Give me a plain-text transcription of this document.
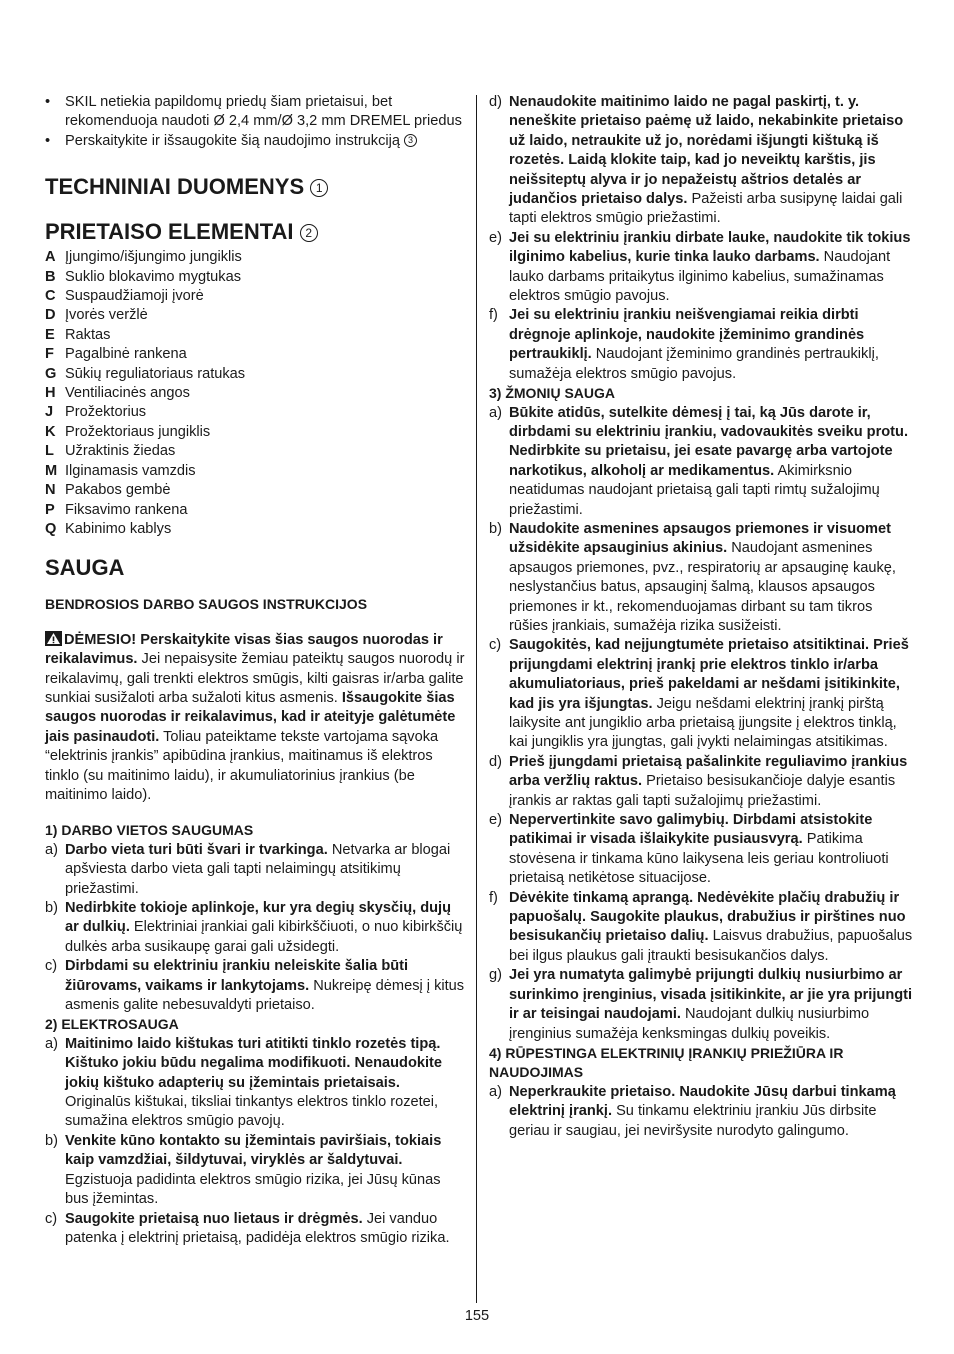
• SKIL netiekia papildomų priedų šiam prietaisui, bet rekomenduoja naudoti Ø 2,4 mm/Ø 3,2 mm DREMEL priedus
• Perskaitykite ir išsaugokite šią naudojimo instrukciją 3
TECHNINIAI DUOMENYS 1
PRIETAISO ELEMENTAI 2
A Įjungimo/išjungimo jungiklis
B Suklio blokavimo mygtukas
C Suspaudžiamoji įvorė
D Įvorės veržlė
E Raktas
F Pagalbinė rankena
G Sūkių reguliatoriaus ratukas
H Ventiliacinės angos
J Prožektorius
K Prožektoriaus jungiklis
L Užraktinis žiedas
M Ilginamasis vamzdis
N Pakabos gembė
P Fiksavimo rankena
Q Kabinimo kablys
SAUGA
BENDROSIOS DARBO SAUGOS INSTRUKCIJOS
DĖMESIO! Perskaitykite visas šias saugos nuorodas ir reikalavimus. Jei nepaisysite žemiau pateiktų saugos nuorodų ir reikalavimų, gali trenkti elektros smūgis, kilti gaisras ir/arba galite sunkiai susižaloti arba sužaloti kitus asmenis. Išsaugokite šias saugos nuorodas ir reikalavimus, kad ir ateityje galėtumėte jais pasinaudoti. Toliau pateiktame tekste vartojama sąvoka “elektrinis įrankis” apibūdina įrankius, maitinamus iš elektros tinklo (su maitinimo laidu), ir akumuliatorinius įrankius (be maitinimo laido).
1) DARBO VIETOS SAUGUMAS
a) Darbo vieta turi būti švari ir tvarkinga. Netvarka ar blogai apšviesta darbo vieta gali tapti nelaimingų atsitikimų priežastimi.
b) Nedirbkite tokioje aplinkoje, kur yra degių skysčių, dujų ar dulkių. Elektriniai įrankiai gali kibirkščiuoti, o nuo kibirkščių dulkės arba susikaupę garai gali užsidegti.
c) Dirbdami su elektriniu įrankiu neleiskite šalia būti žiūrovams, vaikams ir lankytojams. Nukreipę dėmesį į kitus asmenis galite nebesuvaldyti prietaiso.
2) ELEKTROSAUGA
a) Maitinimo laido kištukas turi atitikti tinklo rozetės tipą. Kištuko jokiu būdu negalima modifikuoti. Nenaudokite jokių kištuko adapterių su įžemintais prietaisais. Originalūs kištukai, tiksliai tinkantys elektros tinklo rozetei, sumažina elektros smūgio pavojų.
b) Venkite kūno kontakto su įžemintais paviršiais, tokiais kaip vamzdžiai, šildytuvai, viryklės ar šaldytuvai. Egzistuoja padidinta elektros smūgio rizika, jei Jūsų kūnas bus įžemintas.
c) Saugokite prietaisą nuo lietaus ir drėgmės. Jei vanduo patenka į elektrinį prietaisą, padidėja elektros smūgio rizika.
d) Nenaudokite maitinimo laido ne pagal paskirtį, t. y. neneškite prietaiso paėmę už laido, nekabinkite prietaiso už laido, netraukite už jo, norėdami išjungti kištuką iš rozetės. Laidą klokite taip, kad jo neveiktų karštis, jis neišsiteptų alyva ir jo nepažeistų aštrios detalės ar judančios prietaiso dalys. Pažeisti arba susipynę laidai gali tapti elektros smūgio priežastimi.
e) Jei su elektriniu įrankiu dirbate lauke, naudokite tik tokius ilginimo kabelius, kurie tinka lauko darbams. Naudojant lauko darbams pritaikytus ilginimo kabelius, sumažinamas elektros smūgio pavojus.
f) Jei su elektriniu įrankiu neišvengiamai reikia dirbti drėgnoje aplinkoje, naudokite įžeminimo grandinės pertraukiklį. Naudojant įžeminimo grandinės pertraukiklį, sumažėja elektros smūgio pavojus.
3) ŽMONIŲ SAUGA
a) Būkite atidūs, sutelkite dėmesį į tai, ką Jūs darote ir, dirbdami su elektriniu įrankiu, vadovaukitės sveiku protu. Nedirbkite su prietaisu, jei esate pavargę arba vartojote narkotikus, alkoholį ar medikamentus. Akimirksnio neatidumas naudojant prietaisą gali tapti rimtų sužalojimų priežastimi.
b) Naudokite asmenines apsaugos priemones ir visuomet užsidėkite apsauginius akinius. Naudojant asmenines apsaugos priemones, pvz., respiratorių ar apsauginę kaukę, neslystančius batus, apsauginį šalmą, klausos apsaugos priemones ir kt., rekomenduojamas dirbant su tam tikros rūšies įrankiais, sumažėja rizika susižeisti.
c) Saugokitės, kad neįjungtumėte prietaiso atsitiktinai. Prieš prijungdami elektrinį įrankį prie elektros tinklo ir/arba akumuliatoriaus, prieš pakeldami ar nešdami įsitikinkite, kad jis yra išjungtas. Jeigu nešdami elektrinį įrankį pirštą laikysite ant jungiklio arba prietaisą įjungsite į elektros tinklą, kai jungiklis yra įjungtas, gali įvykti nelaimingas atsitikimas.
d) Prieš įjungdami prietaisą pašalinkite reguliavimo įrankius arba veržlių raktus. Prietaiso besisukančioje dalyje esantis įrankis ar raktas gali tapti sužalojimų priežastimi.
e) Nepervertinkite savo galimybių. Dirbdami atsistokite patikimai ir visada išlaikykite pusiausvyrą. Patikima stovėsena ir tinkama kūno laikysena leis geriau kontroliuoti prietaisą netikėtose situacijose.
f) Dėvėkite tinkamą aprangą. Nedėvėkite plačių drabužių ir papuošalų. Saugokite plaukus, drabužius ir pirštines nuo besisukančių prietaiso dalių. Laisvus drabužius, papuošalus bei ilgus plaukus gali įtraukti besisukančios dalys.
g) Jei yra numatyta galimybė prijungti dulkių nusiurbimo ar surinkimo įrenginius, visada įsitikinkite, ar jie yra prijungti ir ar teisingai naudojami. Naudojant dulkių nusiurbimo įrenginius sumažėja kenksmingas dulkių poveikis.
4) RŪPESTINGA ELEKTRINIŲ ĮRANKIŲ PRIEŽIŪRA IR NAUDOJIMAS
a) Neperkraukite prietaiso. Naudokite Jūsų darbui tinkamą elektrinį įrankį. Su tinkamu elektriniu įrankiu Jūs dirbsite geriau ir saugiau, jei neviršysite nurodyto galingumo.
155
